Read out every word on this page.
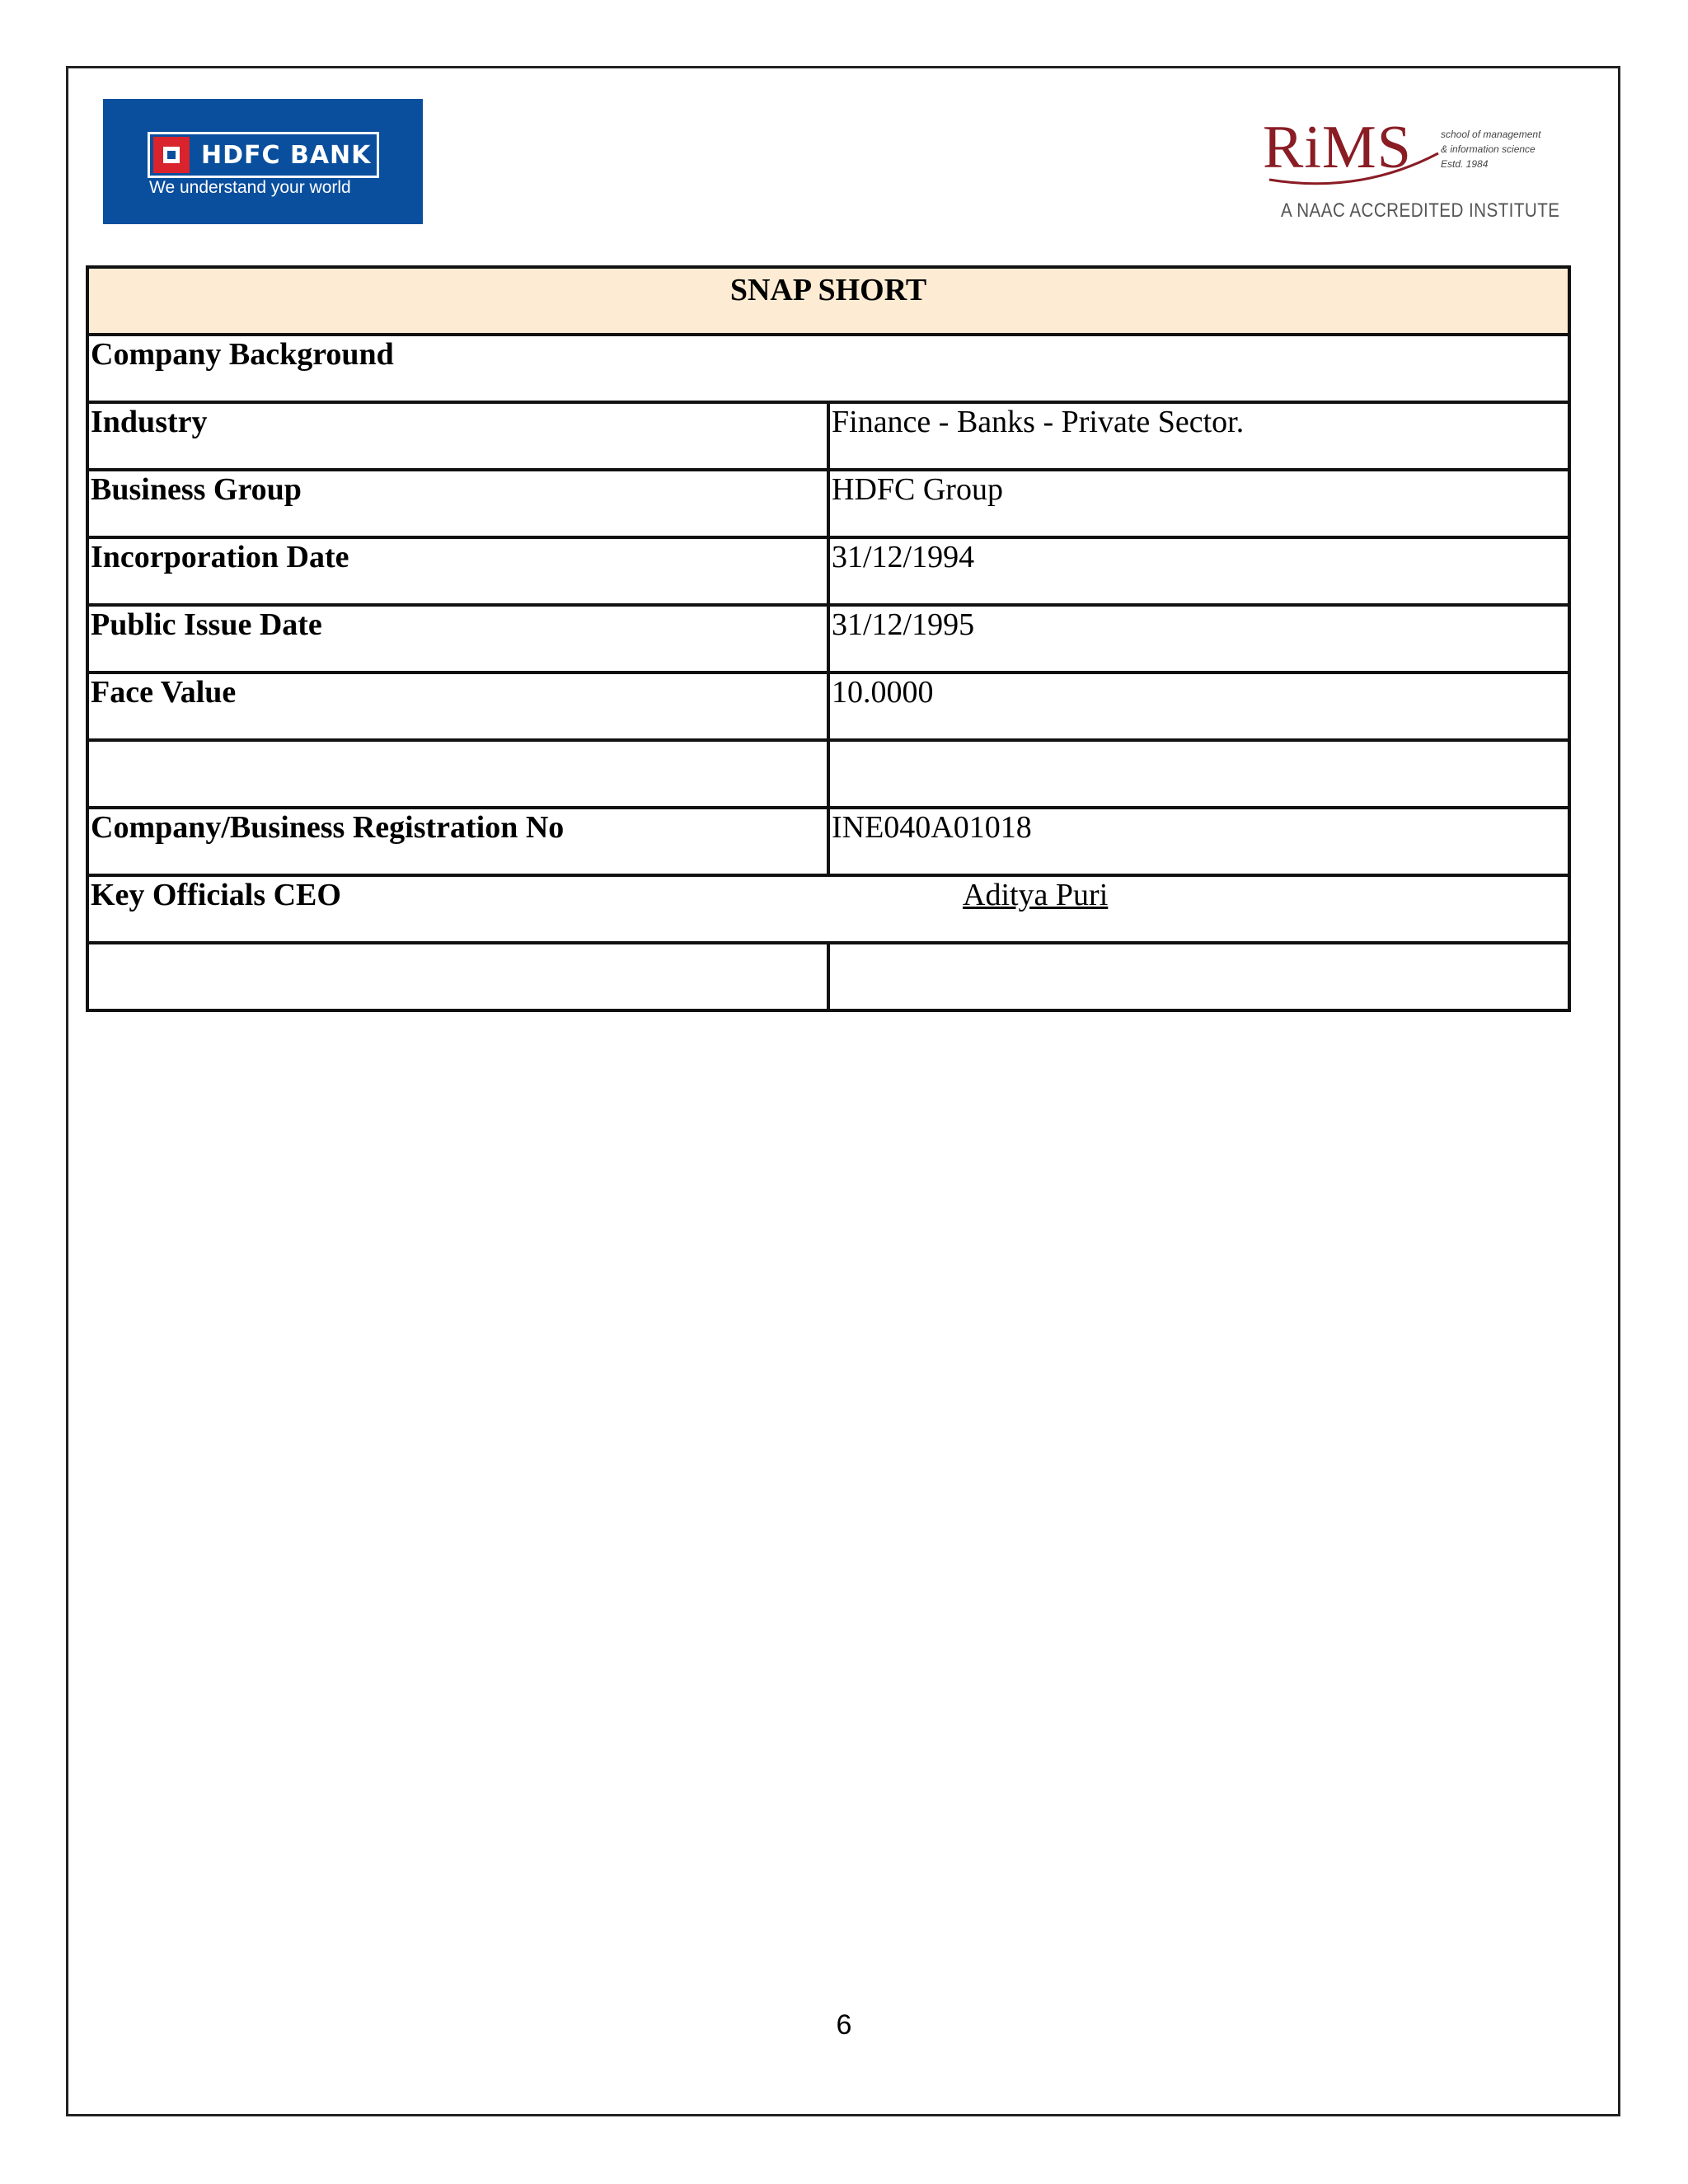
HDFC BANK
We understand your world
RiMS	school of management
& information science
Estd. 1984
A NAAC ACCREDITED INSTITUTE
SNAP SHORT	
Company Background	
Industry	Finance - Banks - Private Sector.
Business Group	HDFC Group
Incorporation Date	31/12/1994
Public Issue Date	31/12/1995
Face Value	10.0000

Company/Business Registration No	INE040A01018
Key Officials CEO Aditya Puri	

6
